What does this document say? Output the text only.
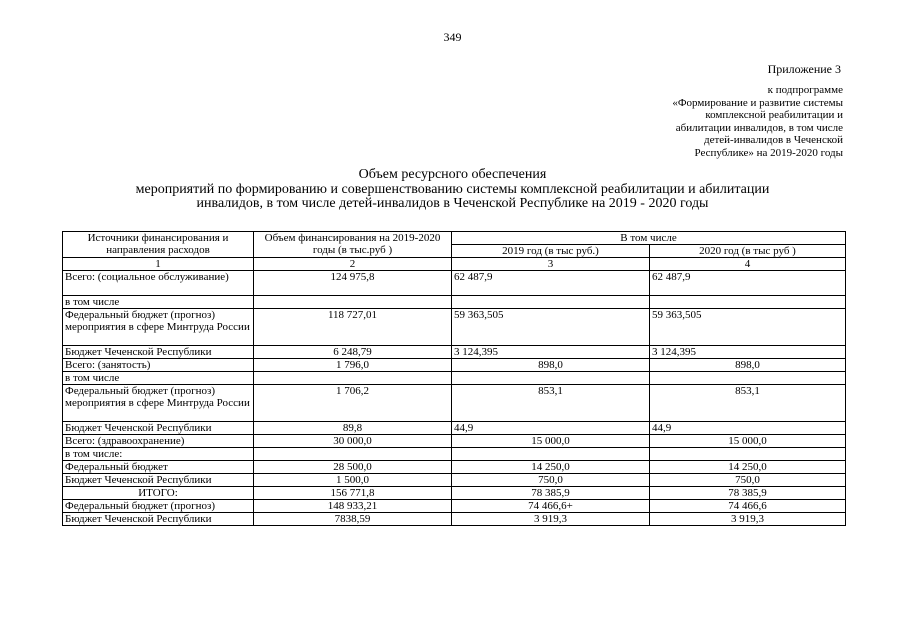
349
Приложение 3
к подпрограмме
«Формирование и развитие системы
комплексной реабилитации и
абилитации инвалидов, в том числе
детей-инвалидов в Чеченской
Республике» на 2019-2020 годы
Объем ресурсного обеспечения
мероприятий по формированию и совершенствованию системы комплексной реабилитации и абилитации
инвалидов, в том числе детей-инвалидов в Чеченской Республике на 2019 - 2020 годы
Источники финансирования и направления расходов	Объем финансирования на 2019-2020 годы (в тыс.руб )	В том числе	
		2019 год (в тыс руб.)	2020 год (в тыс руб )
1	2	3	4
Всего: (социальное обслуживание)	124 975,8	62 487,9	62 487,9
в том числе			
Федеральный бюджет (прогноз) мероприятия в сфере Минтруда России	118 727,01	59 363,505	59 363,505
Бюджет Чеченской Республики	6 248,79	3 124,395	3 124,395
Всего: (занятость)	1 796,0	898,0	898,0
в том числе			
Федеральный бюджет (прогноз) мероприятия в сфере Минтруда России	1 706,2	853,1	853,1
Бюджет Чеченской Республики	89,8	44,9	44,9
Всего: (здравоохранение)	30 000,0	15 000,0	15 000,0
в том числе:			
Федеральный бюджет	28 500,0	14 250,0	14 250,0
Бюджет Чеченской Республики	1 500,0	750,0	750,0
ИТОГО:	156 771,8	78 385,9	78 385,9
Федеральный бюджет (прогноз)	148 933,21	74 466,6+	74 466,6
Бюджет Чеченской Республики	7838,59	3 919,3	3 919,3
